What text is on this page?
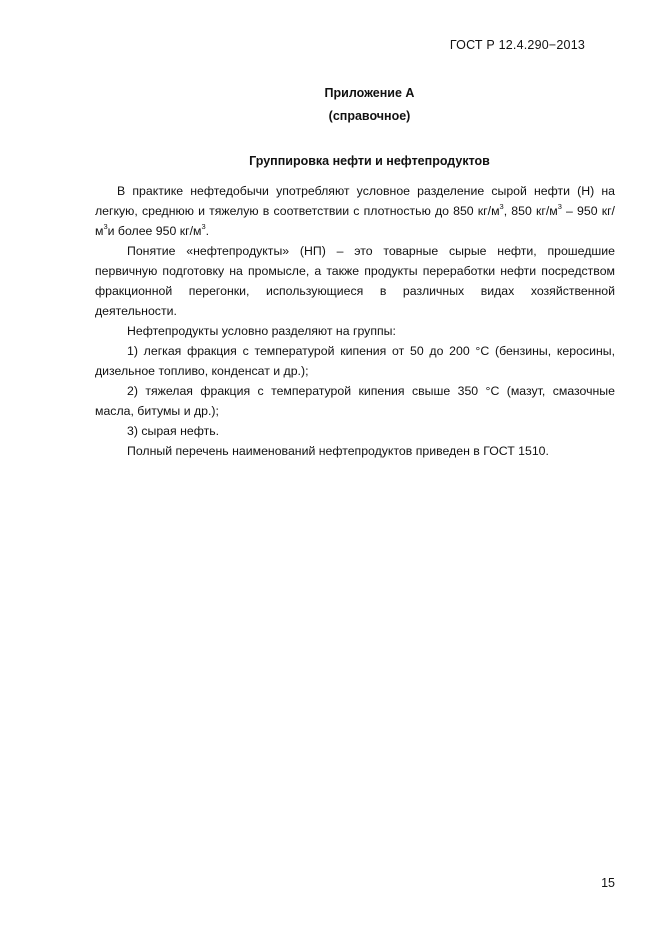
ГОСТ Р 12.4.290−2013
Приложение А
(справочное)
Группировка нефти и нефтепродуктов

В практике нефтедобычи употребляют условное разделение сырой нефти (Н) на легкую, среднюю и тяжелую в соответствии с плотностью до 850 $кг/м^3$, 850 $кг/м^3 - 950$ $кг/м^3и$ более 950 $кг/м^3$.

Понятие «нефтепродукты» (НП) – это товарные сырые нефти, прошедшие первичную подготовку на промысле, а также продукты переработки нефти посредством фракционной перегонки, использующиеся в различных видах хозяйственной деятельности.

Нефтепродукты условно разделяют на группы:

1) легкая фракция с температурой кипения от 50 до 200 °С (бензины, керосины, дизельное топливо, конденсат и др.);

2) тяжелая фракция с температурой кипения свыше 350 °С (мазут, смазочные масла, битумы и др.);

3) сырая нефть.

Полный перечень наименований нефтепродуктов приведен в ГОСТ 1510.

15
